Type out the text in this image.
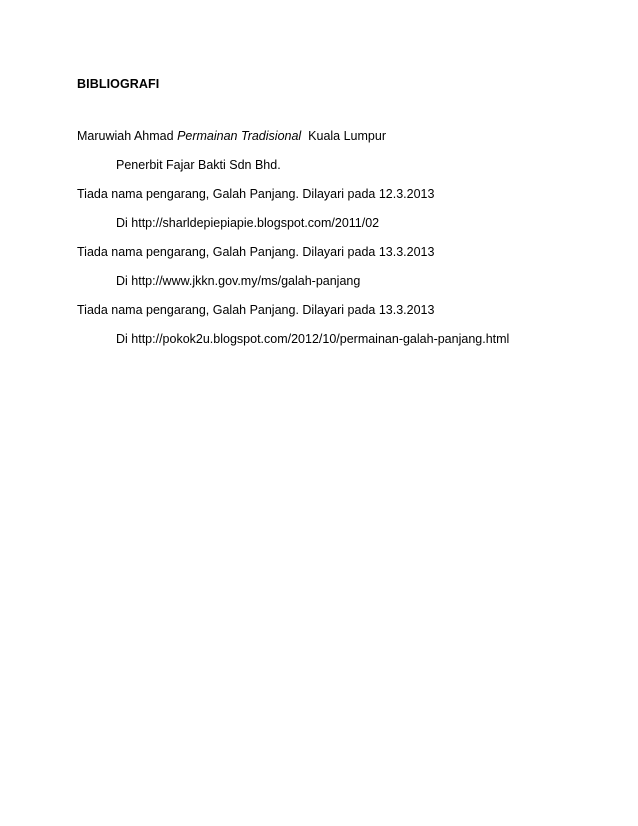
BIBLIOGRAFI
Maruwiah Ahmad Permainan Tradisional Kuala Lumpur
Penerbit Fajar Bakti Sdn Bhd.
Tiada nama pengarang, Galah Panjang. Dilayari pada 12.3.2013
Di http://sharldepiepiapie.blogspot.com/2011/02
Tiada nama pengarang, Galah Panjang. Dilayari pada 13.3.2013
Di http://www.jkkn.gov.my/ms/galah-panjang
Tiada nama pengarang, Galah Panjang. Dilayari pada 13.3.2013
Di http://pokok2u.blogspot.com/2012/10/permainan-galah-panjang.html
